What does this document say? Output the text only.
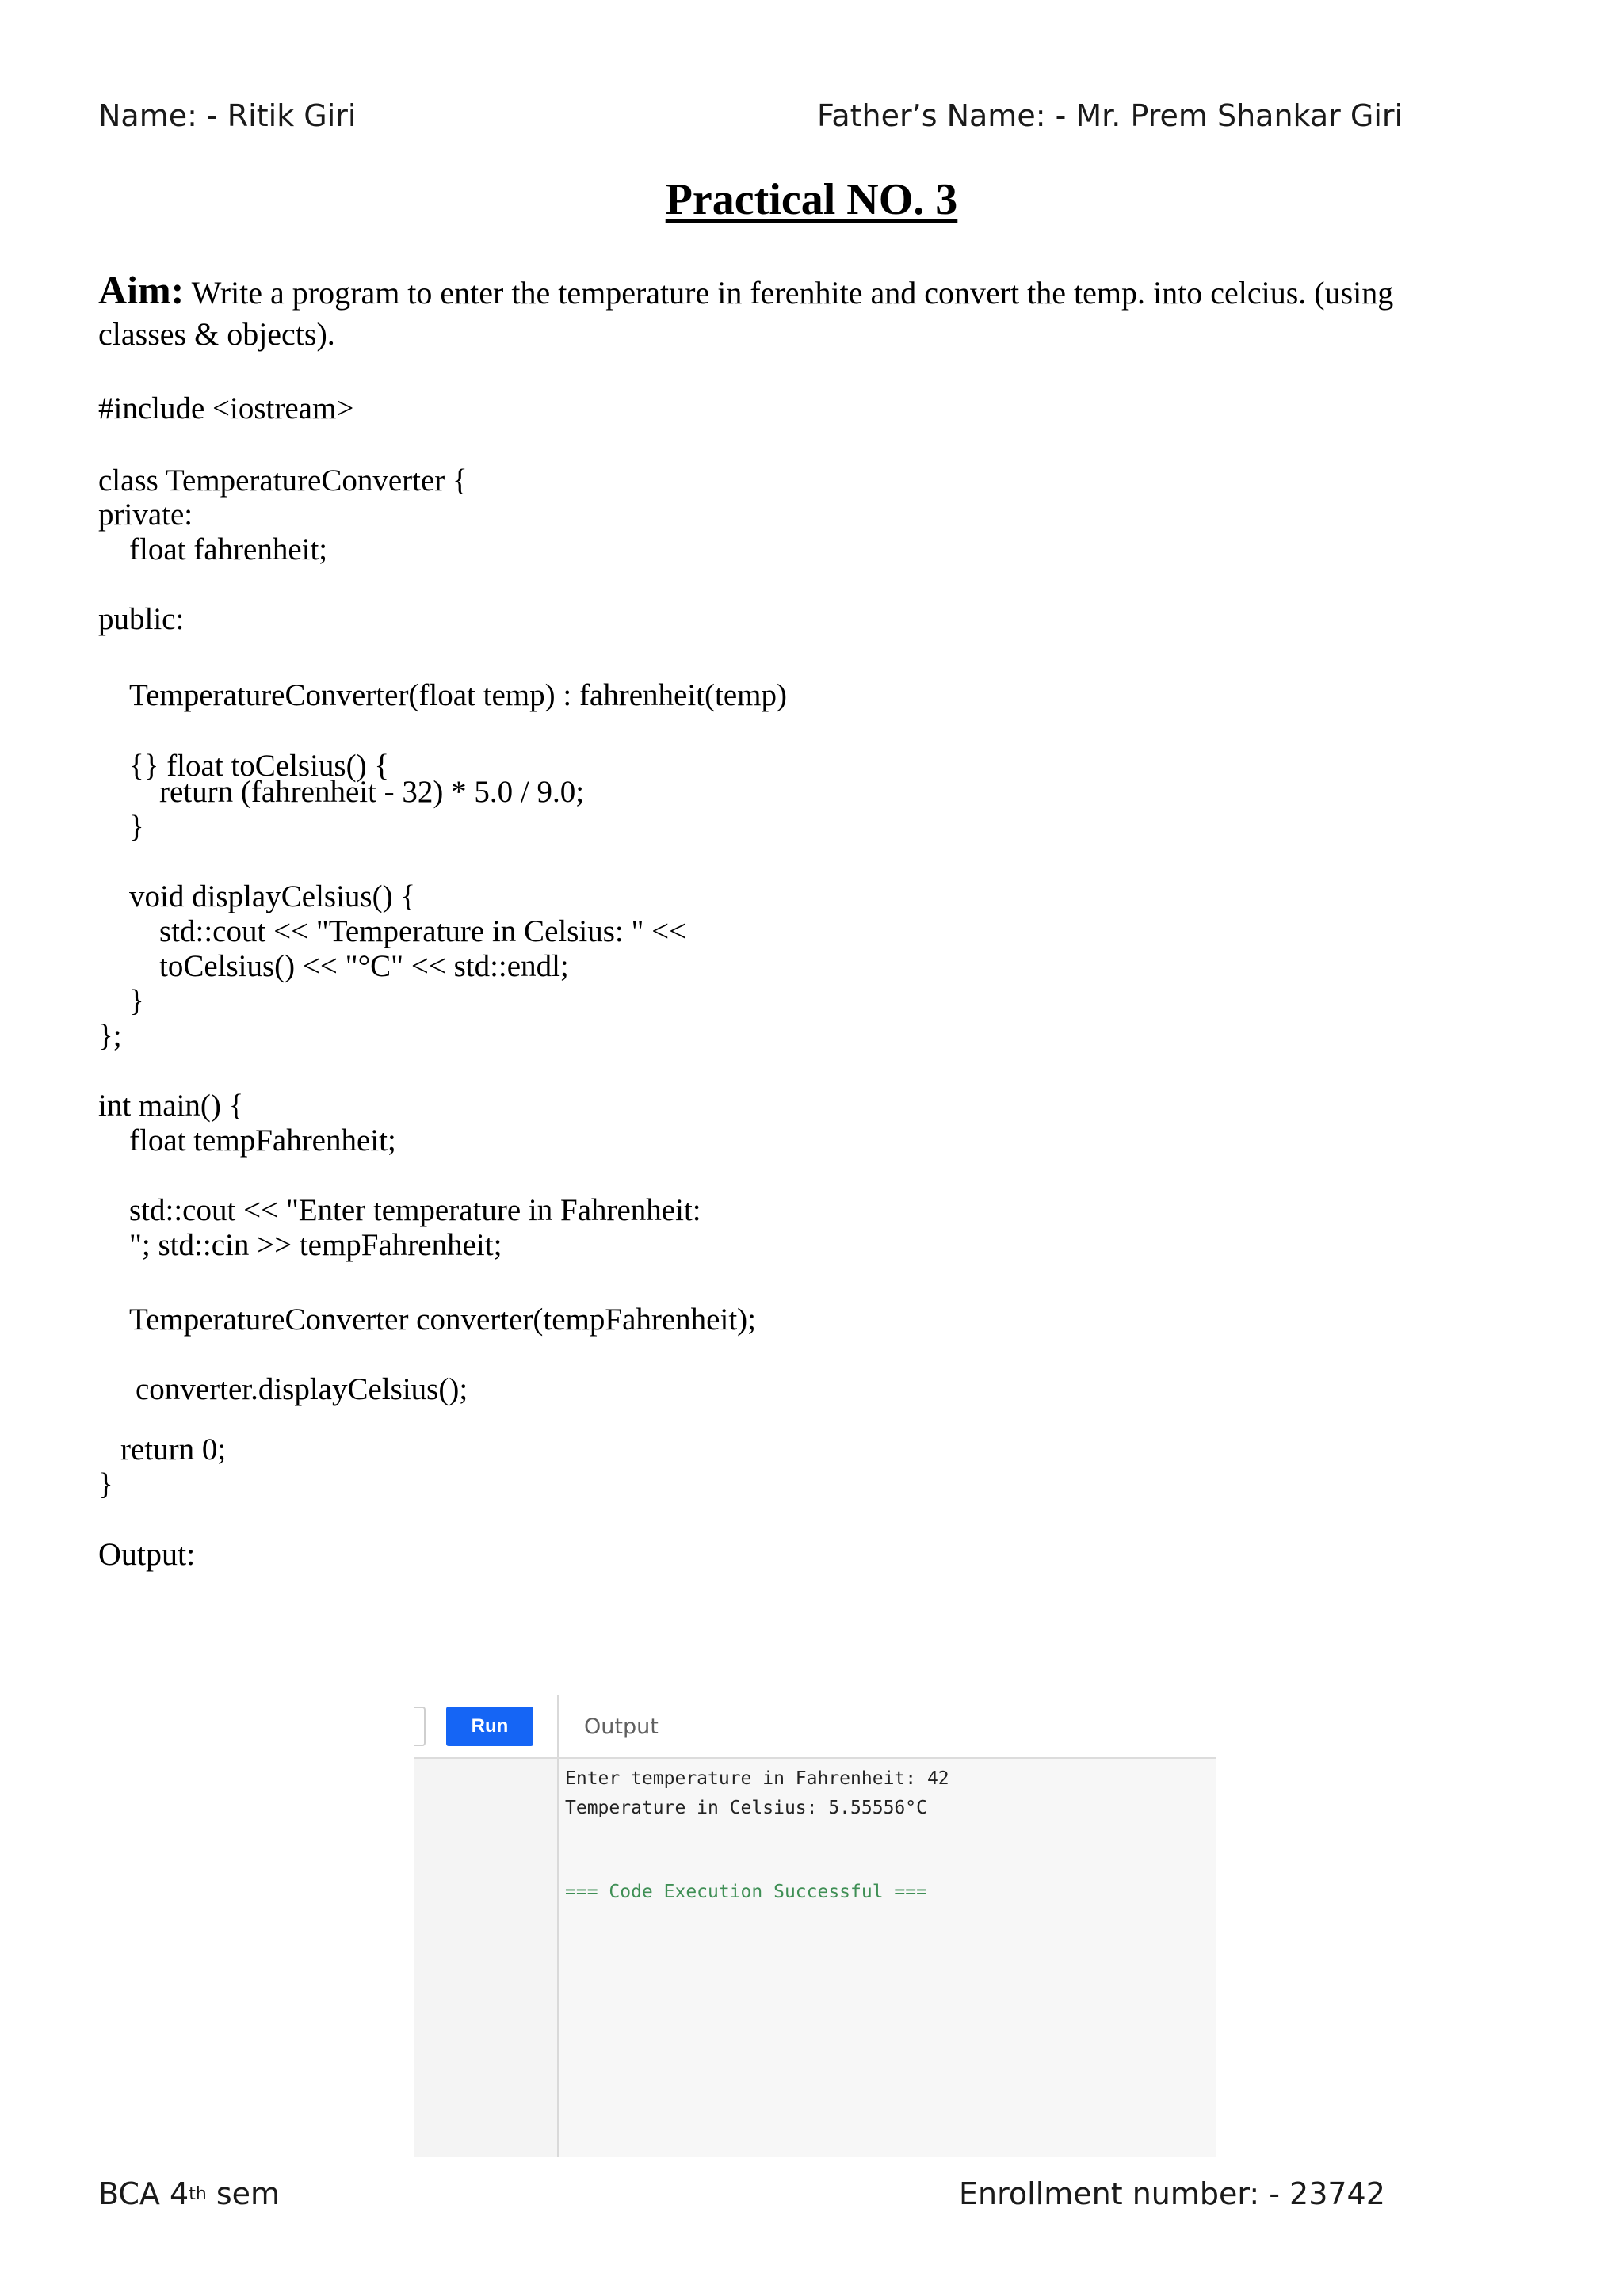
Name: - Ritik Giri	Father’s Name: - Mr. Prem Shankar Giri
Practical NO. 3
Aim: Write a program to enter the temperature in ferenhite and convert the temp. into celcius. (using classes & objects).
#include <iostream>
class TemperatureConverter {
private:
float fahrenheit;
public:
TemperatureConverter(float temp) : fahrenheit(temp)
{} float toCelsius() {
return (fahrenheit - 32) * 5.0 / 9.0;
}
void displayCelsius() {
std::cout << "Temperature in Celsius: " <<
toCelsius() << "°C" << std::endl;
}
};
int main() {
float tempFahrenheit;
std::cout << "Enter temperature in Fahrenheit:
"; std::cin >> tempFahrenheit;
TemperatureConverter converter(tempFahrenheit);
converter.displayCelsius();
return 0;
}
Output:
Run	Output
Enter temperature in Fahrenheit: 42
Temperature in Celsius: 5.55556°C
=== Code Execution Successful ===
BCA 4th sem	Enrollment number: - 23742
